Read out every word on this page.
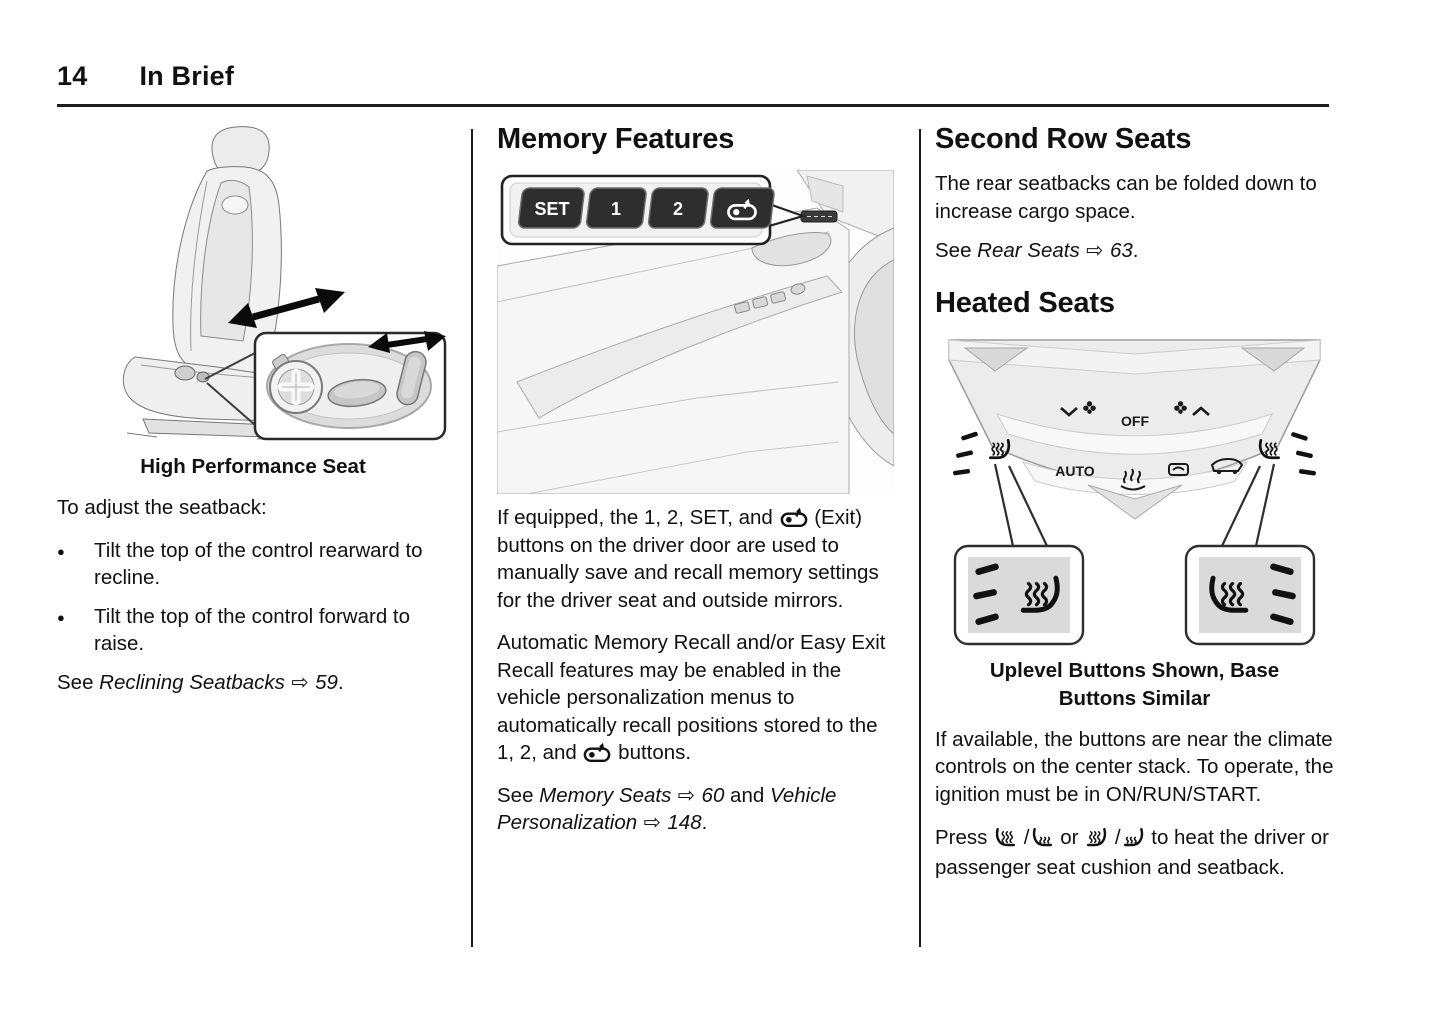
14 In Brief
High Performance Seat

To adjust the seatback:

●	Tilt the top of the control rearward to recline.
●	Tilt the top of the control forward to raise.

See Reclining Seatbacks ⇨ 59.

Memory Features
SET 1	2

If equipped, the 1, 2, SET, and  (Exit) buttons on the driver door are used to manually save and recall memory settings for the driver seat and outside mirrors.

Automatic Memory Recall and/or Easy Exit Recall features may be enabled in the vehicle personalization menus to automatically recall positions stored to the 1, 2, and  buttons.

See Memory Seats ⇨ 60 and Vehicle Personalization ⇨ 148.

Second Row Seats

The rear seatbacks can be folded down to increase cargo space.

See Rear Seats ⇨ 63.

Heated Seats
OFF
AUTO
Uplevel Buttons Shown, Base
Buttons Similar

If available, the buttons are near the climate controls on the center stack. To operate, the ignition must be in ON/RUN/START.

Press  / or  / to heat the driver or passenger seat cushion and seatback.
